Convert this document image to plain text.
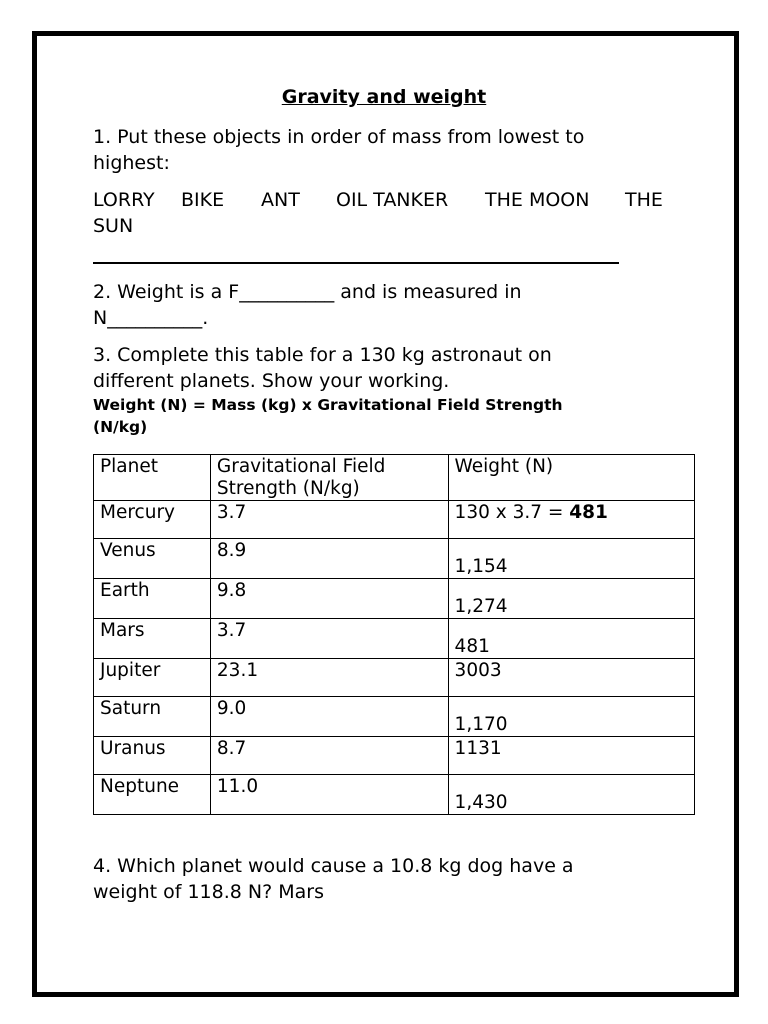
Gravity and weight
1. Put these objects in order of mass from lowest to
highest:
LORRY BIKE ANT OIL TANKER THE MOON THE
SUN
2. Weight is a F__________ and is measured in
N__________.
3. Complete this table for a 130 kg astronaut on
different planets. Show your working.
Weight (N) = Mass (kg) x Gravitational Field Strength
(N/kg)
Planet	Gravitational Field Strength (N/kg)	Weight (N)
Mercury	3.7	130 x 3.7 = 481
Venus	8.9	1,154

Earth	9.8	1,274

Mars	3.7	481

Jupiter	23.1	3003
Saturn	9.0	1,170

Uranus	8.7	1131
Neptune	11.0	1,430
4. Which planet would cause a 10.8 kg dog have a
weight of 118.8 N? Mars
